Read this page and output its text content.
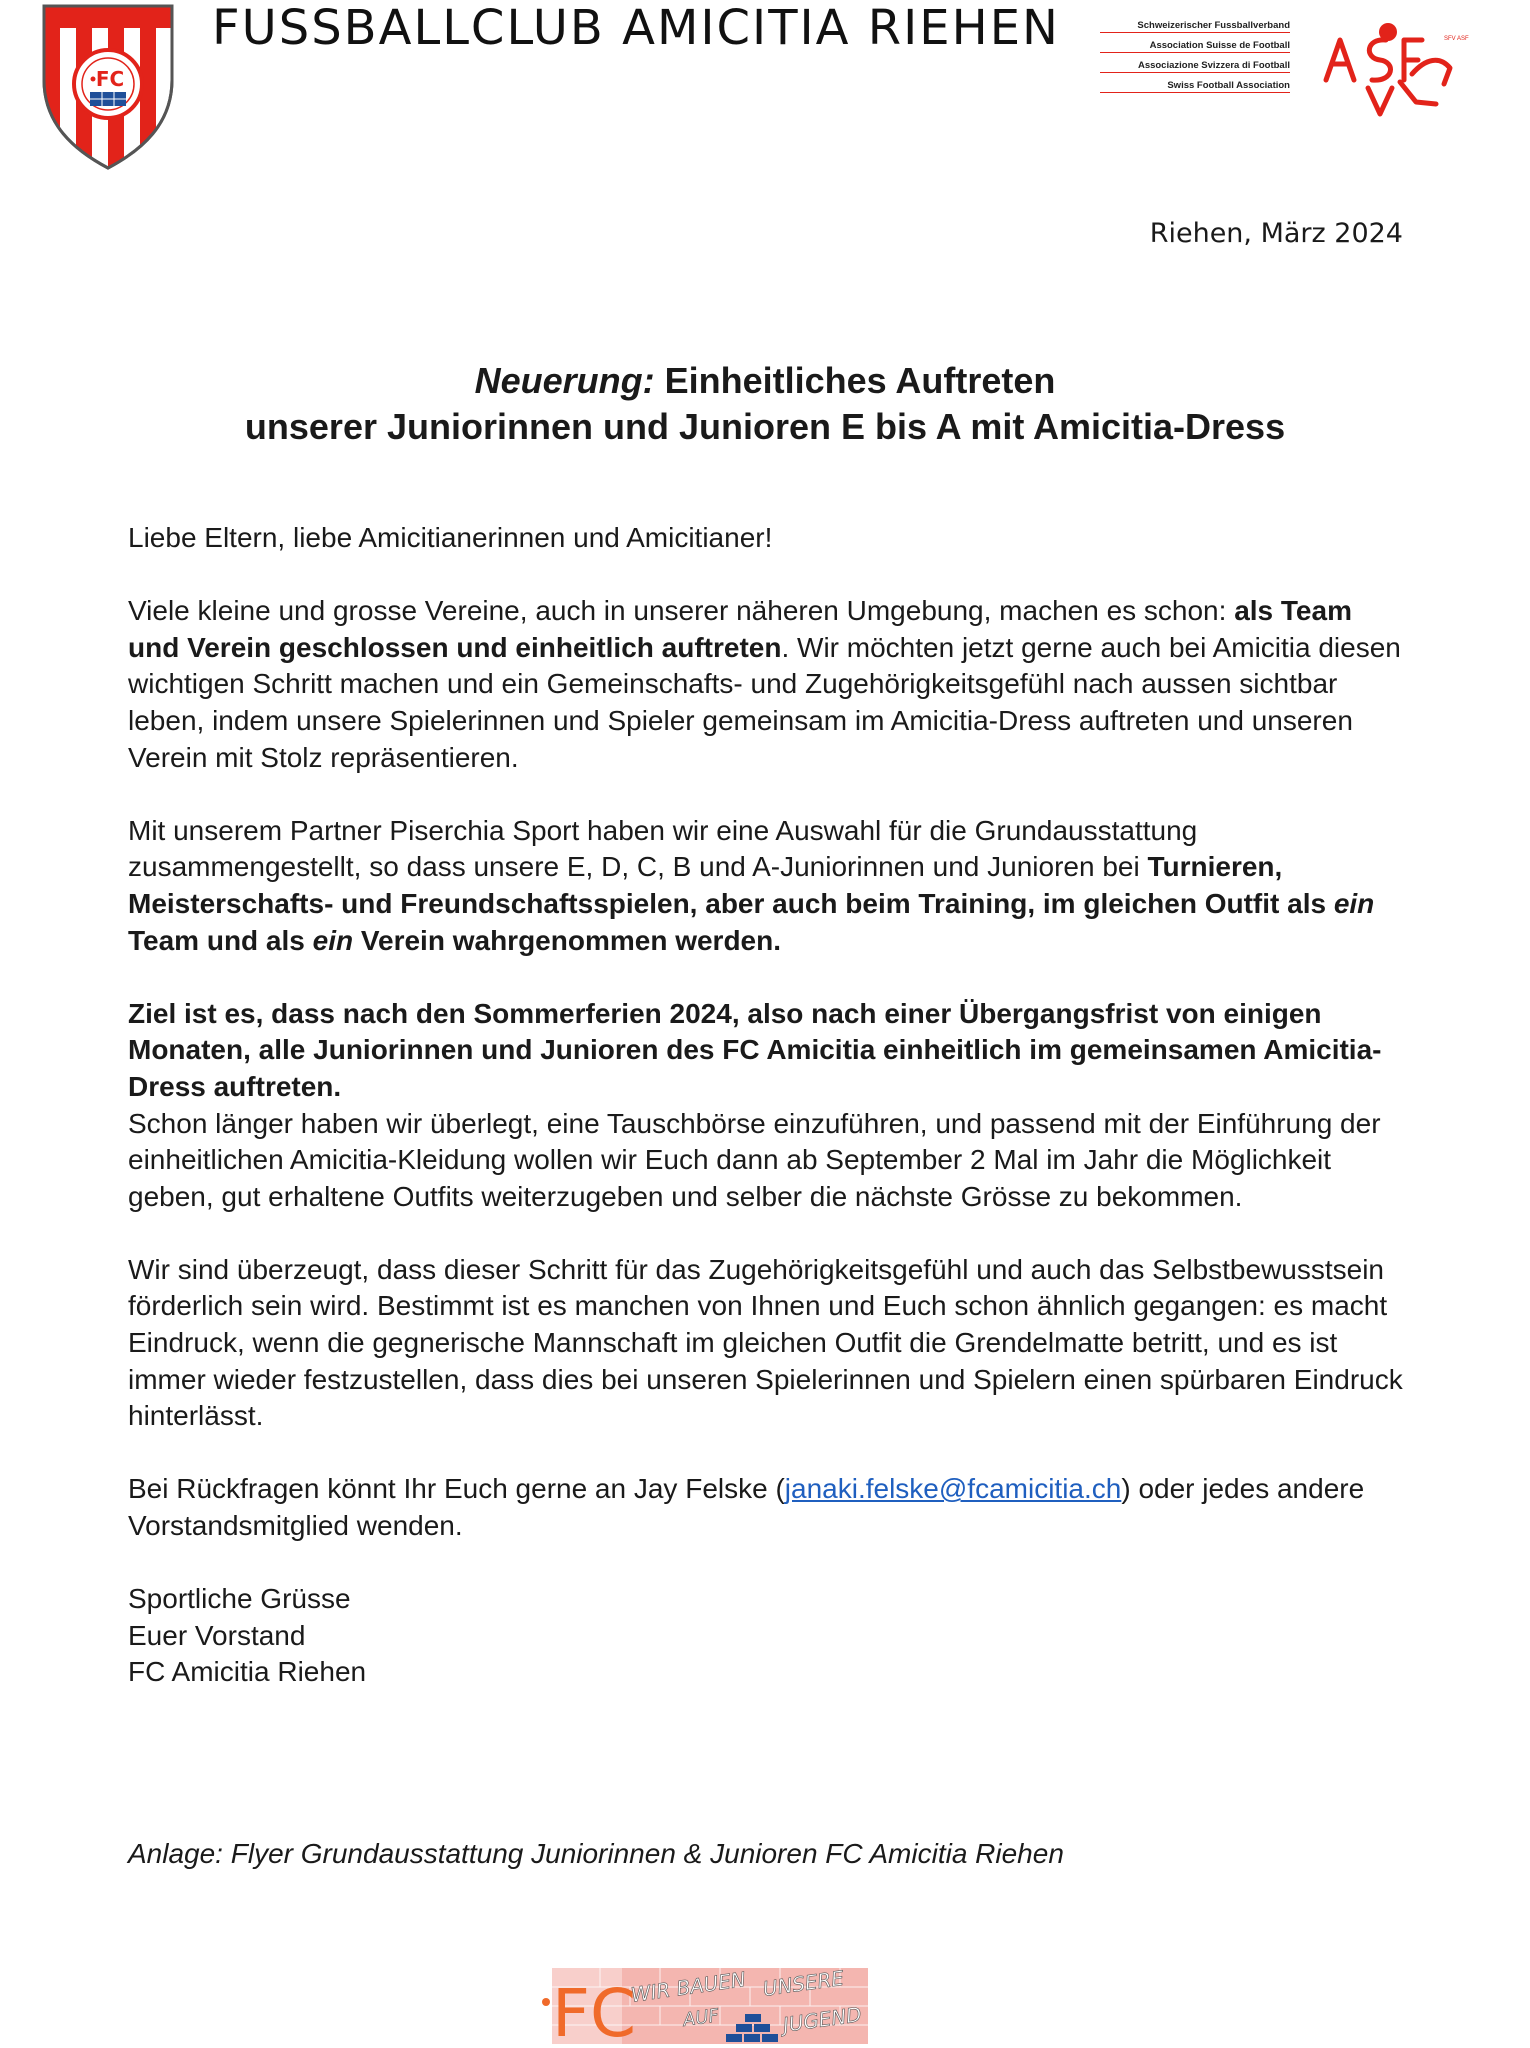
FC
FUSSBALLCLUB AMICITIA RIEHEN	Schweizerischer Fussballverband
Association Suisse de Football
Associazione Svizzera di Football
Swiss Football Association
SFV ASF
Riehen, März 2024
Neuerung: Einheitliches Auftreten
unserer Juniorinnen und Junioren E bis A mit Amicitia-Dress

Liebe Eltern, liebe Amicitianerinnen und Amicitianer!

Viele kleine und grosse Vereine, auch in unserer näheren Umgebung, machen es schon: als Team und Verein geschlossen und einheitlich auftreten. Wir möchten jetzt gerne auch bei Amicitia diesen wichtigen Schritt machen und ein Gemeinschafts- und Zugehörigkeitsgefühl nach aussen sichtbar leben, indem unsere Spielerinnen und Spieler gemeinsam im Amicitia-Dress auftreten und unseren Verein mit Stolz repräsentieren.

Mit unserem Partner Piserchia Sport haben wir eine Auswahl für die Grundausstattung zusammengestellt, so dass unsere E, D, C, B und A-Juniorinnen und Junioren bei Turnieren, Meisterschafts- und Freundschaftsspielen, aber auch beim Training, im gleichen Outfit als ein Team und als ein Verein wahrgenommen werden.

Ziel ist es, dass nach den Sommerferien 2024, also nach einer Übergangsfrist von einigen Monaten, alle Juniorinnen und Junioren des FC Amicitia einheitlich im gemeinsamen Amicitia-Dress auftreten.

Schon länger haben wir überlegt, eine Tauschbörse einzuführen, und passend mit der Einführung der einheitlichen Amicitia-Kleidung wollen wir Euch dann ab September 2 Mal im Jahr die Möglichkeit geben, gut erhaltene Outfits weiterzugeben und selber die nächste Grösse zu bekommen.

Wir sind überzeugt, dass dieser Schritt für das Zugehörigkeitsgefühl und auch das Selbstbewusstsein förderlich sein wird. Bestimmt ist es manchen von Ihnen und Euch schon ähnlich gegangen: es macht Eindruck, wenn die gegnerische Mannschaft im gleichen Outfit die Grendelmatte betritt, und es ist immer wieder festzustellen, dass dies bei unseren Spielerinnen und Spielern einen spürbaren Eindruck hinterlässt.

Bei Rückfragen könnt Ihr Euch gerne an Jay Felske (janaki.felske@fcamicitia.ch) oder jedes andere Vorstandsmitglied wenden.

Sportliche Grüsse
Euer Vorstand
FC Amicitia Riehen

Anlage: Flyer Grundausstattung Juniorinnen & Junioren FC Amicitia Riehen
FC
WIR BAUEN
AUF
UNSERE
JUGEND
